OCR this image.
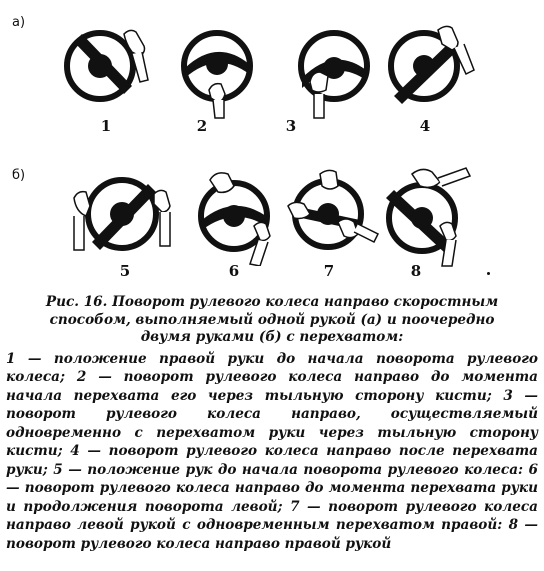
а)
б)
1	2	3	4
5	6	7	8

Рис. 16. Поворот рулевого колеса направо скоростным
способом, выполняемый одной рукой (а) и поочередно
двумя руками (б) с перехватом:

1 — положение правой руки до начала поворота рулевого колеса; 2 — поворот рулевого колеса направо до момента начала перехвата его через тыльную сторону кисти; 3 — поворот рулевого колеса направо, осуществляемый одновременно с перехватом руки через тыльную сторону кисти; 4 — поворот рулевого колеса направо после перехвата руки; 5 — положение рук до начала поворота рулевого колеса: 6 — поворот рулевого колеса направо до момента перехвата руки и продолжения поворота левой; 7 — поворот рулевого колеса направо левой рукой с одновременным перехватом правой: 8 — поворот рулевого колеса направо правой рукой
